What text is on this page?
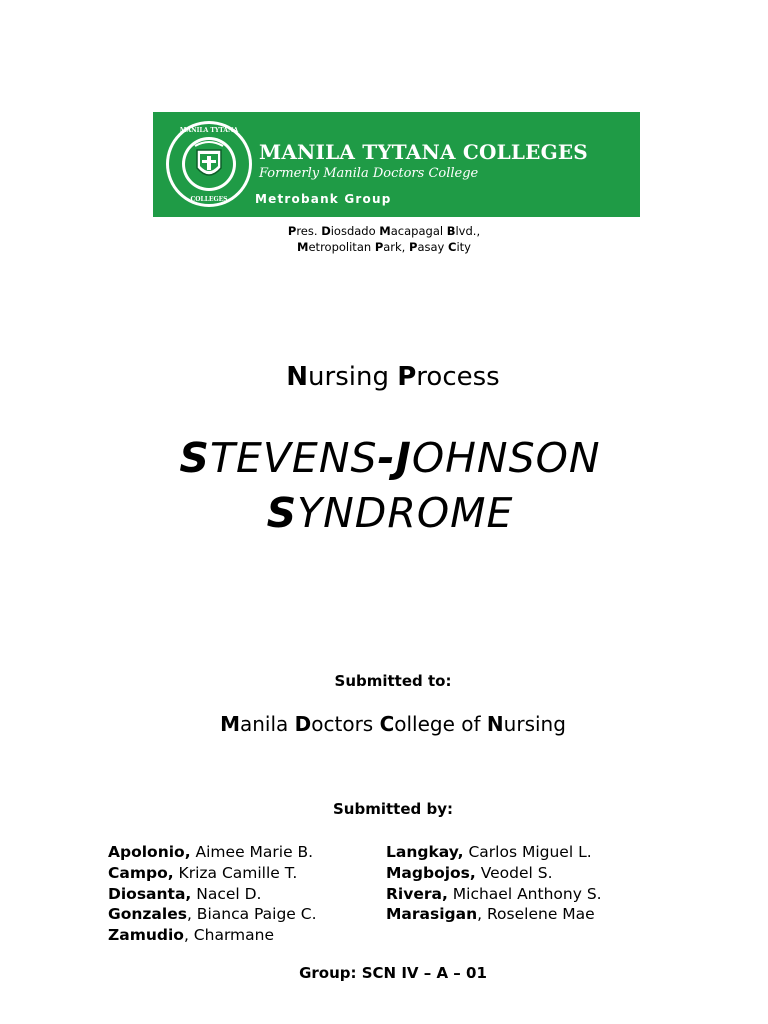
MANILA TYTANA
COLLEGES
MANILA TYTANA COLLEGES
Formerly Manila Doctors College
Metrobank Group
Pres. Diosdado Macapagal Blvd.,
Metropolitan Park, Pasay City
Nursing Process
STEVENS-JOHNSON
SYNDROME
Submitted to:
Manila Doctors College of Nursing
Submitted by:
Apolonio, Aimee Marie B.
Campo, Kriza Camille T.
Diosanta, Nacel D.
Gonzales, Bianca Paige C.
Zamudio, Charmane
Langkay, Carlos Miguel L.
Magbojos, Veodel S.
Rivera, Michael Anthony S.
Marasigan, Roselene Mae
Group: SCN IV – A – 01
